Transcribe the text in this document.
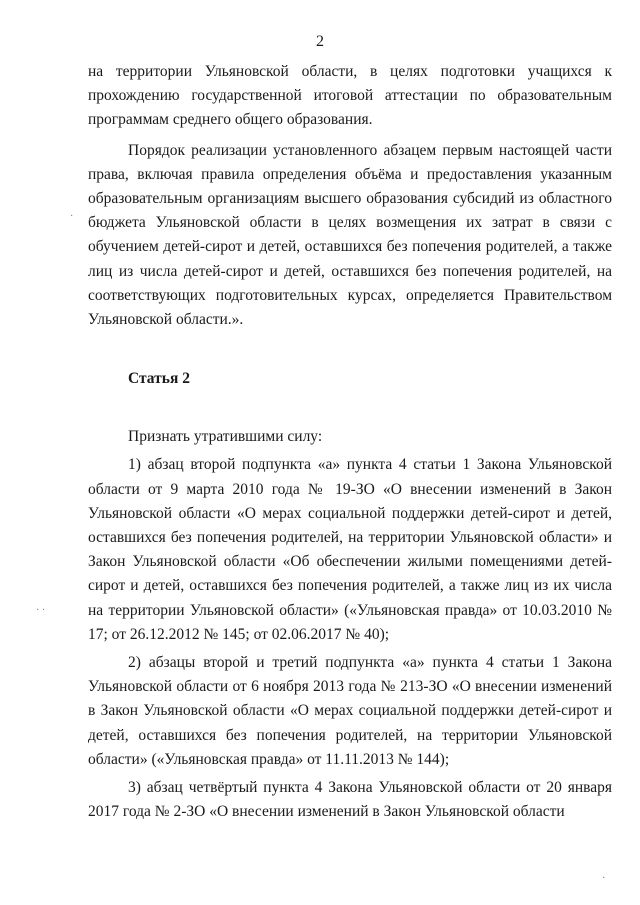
2

на территории Ульяновской области, в целях подготовки учащихся к прохождению государственной итоговой аттестации по образовательным программам среднего общего образования.

Порядок реализации установленного абзацем первым настоящей части права, включая правила определения объёма и предоставления указанным образовательным организациям высшего образования субсидий из областного бюджета Ульяновской области в целях возмещения их затрат в связи с обучением детей-сирот и детей, оставшихся без попечения родителей, а также лиц из числа детей-сирот и детей, оставшихся без попечения родителей, на соответствующих подготовительных курсах, определяется Правительством Ульяновской области.».

Статья 2

Признать утратившими силу:

1) абзац второй подпункта «а» пункта 4 статьи 1 Закона Ульяновской области от 9 марта 2010 года № 19-ЗО «О внесении изменений в Закон Ульяновской области «О мерах социальной поддержки детей-сирот и детей, оставшихся без попечения родителей, на территории Ульяновской области» и Закон Ульяновской области «Об обеспечении жилыми помещениями детей-сирот и детей, оставшихся без попечения родителей, а также лиц из их числа на территории Ульяновской области» («Ульяновская правда» от 10.03.2010 № 17; от 26.12.2012 № 145; от 02.06.2017 № 40);

2) абзацы второй и третий подпункта «а» пункта 4 статьи 1 Закона Ульяновской области от 6 ноября 2013 года № 213-ЗО «О внесении изменений в Закон Ульяновской области «О мерах социальной поддержки детей-сирот и детей, оставшихся без попечения родителей, на территории Ульяновской области» («Ульяновская правда» от 11.11.2013 № 144);

3) абзац четвёртый пункта 4 Закона Ульяновской области от 20 января 2017 года № 2-ЗО «О внесении изменений в Закон Ульяновской области

·
· ·
·
